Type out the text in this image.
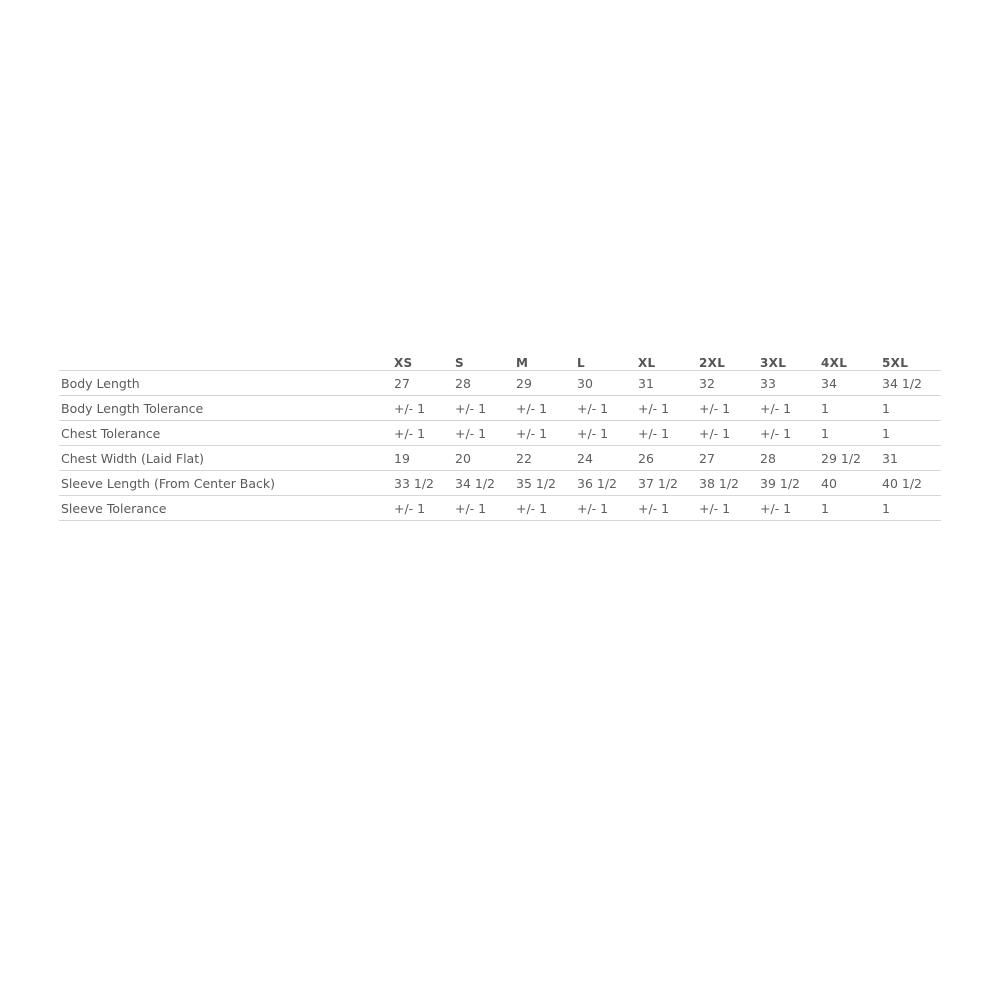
	XS	S	M	L	XL	2XL	3XL	4XL	5XL
Body Length	27	28	29	30	31	32	33	34	34 1/2
Body Length Tolerance	+/- 1	+/- 1	+/- 1	+/- 1	+/- 1	+/- 1	+/- 1	1	1
Chest Tolerance	+/- 1	+/- 1	+/- 1	+/- 1	+/- 1	+/- 1	+/- 1	1	1
Chest Width (Laid Flat)	19	20	22	24	26	27	28	29 1/2	31
Sleeve Length (From Center Back)	33 1/2	34 1/2	35 1/2	36 1/2	37 1/2	38 1/2	39 1/2	40	40 1/2
Sleeve Tolerance	+/- 1	+/- 1	+/- 1	+/- 1	+/- 1	+/- 1	+/- 1	1	1
